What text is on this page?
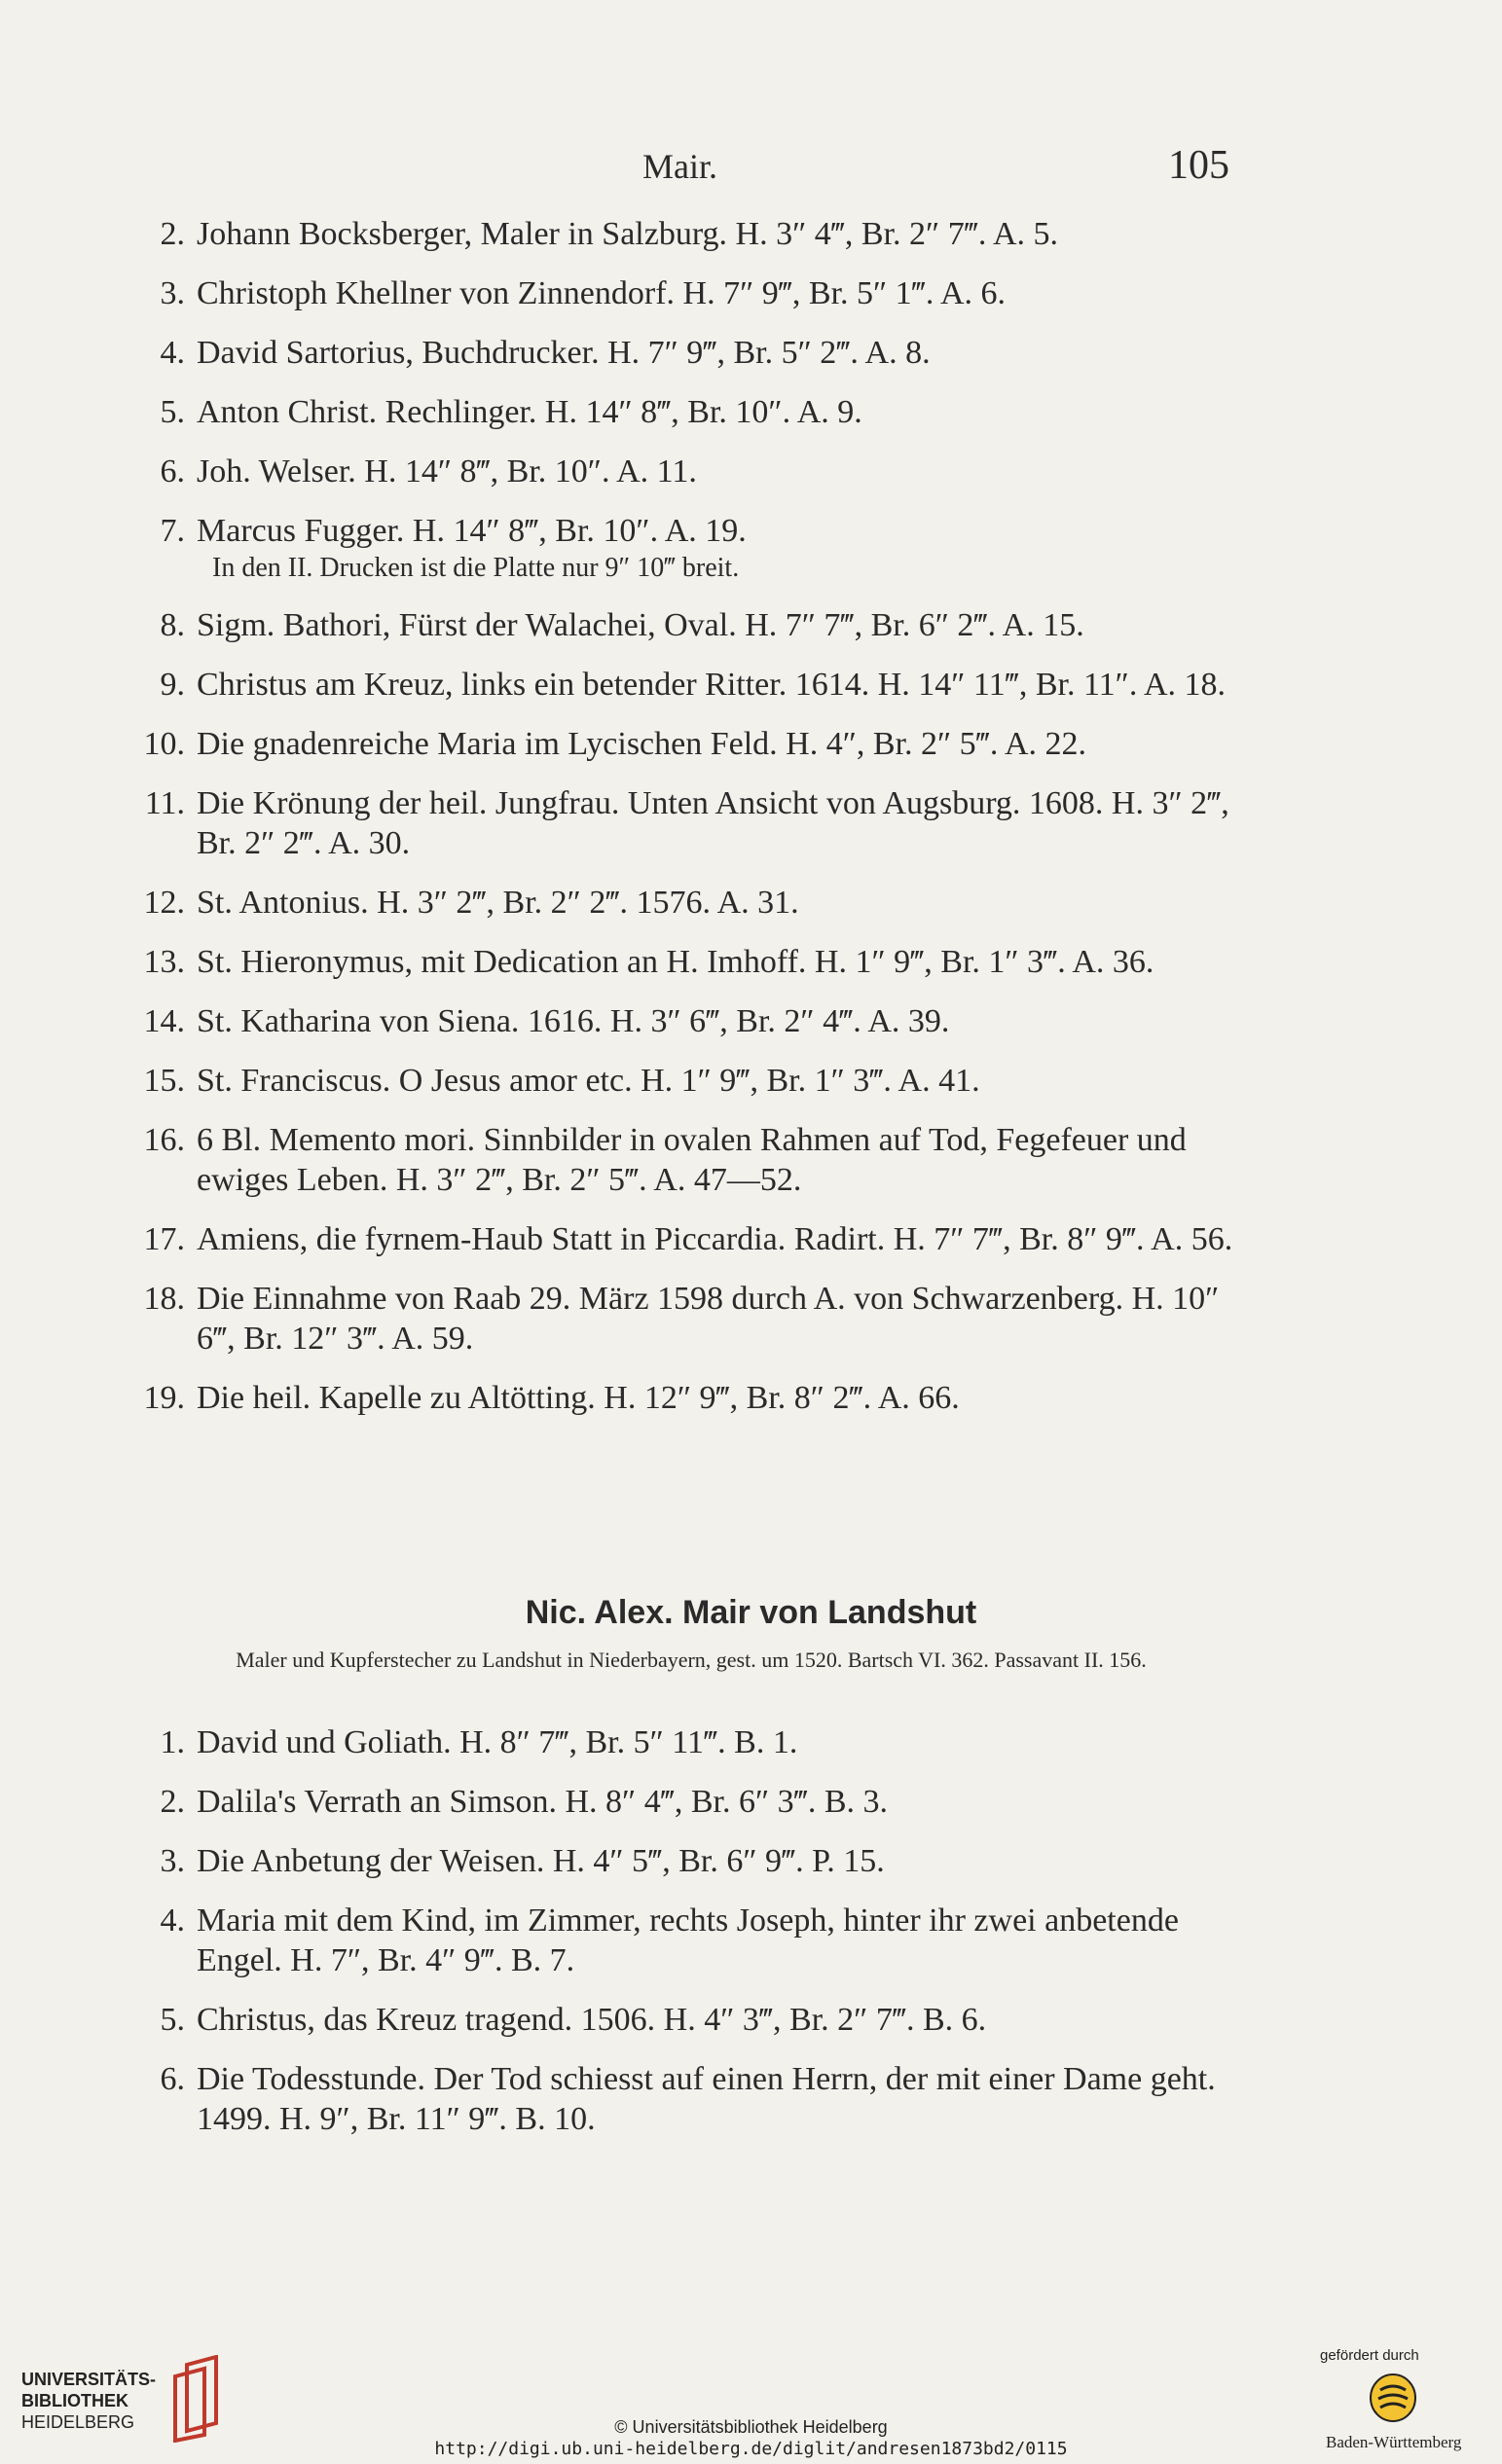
Mair.	105
2. Johann Bocksberger, Maler in Salzburg. H. 3″ 4‴, Br. 2″ 7‴. A. 5.
3. Christoph Khellner von Zinnendorf. H. 7″ 9‴, Br. 5″ 1‴. A. 6.
4. David Sartorius, Buchdrucker. H. 7″ 9‴, Br. 5″ 2‴. A. 8.
5. Anton Christ. Rechlinger. H. 14″ 8‴, Br. 10″. A. 9.
6. Joh. Welser. H. 14″ 8‴, Br. 10″. A. 11.
7. Marcus Fugger. H. 14″ 8‴, Br. 10″. A. 19.
In den II. Drucken ist die Platte nur 9″ 10‴ breit.
8. Sigm. Bathori, Fürst der Walachei, Oval. H. 7″ 7‴, Br. 6″ 2‴. A. 15.
9. Christus am Kreuz, links ein betender Ritter. 1614. H. 14″ 11‴, Br. 11″. A. 18.
10. Die gnadenreiche Maria im Lycischen Feld. H. 4″, Br. 2″ 5‴. A. 22.
11. Die Krönung der heil. Jungfrau. Unten Ansicht von Augsburg. 1608. H. 3″ 2‴, Br. 2″ 2‴. A. 30.
12. St. Antonius. H. 3″ 2‴, Br. 2″ 2‴. 1576. A. 31.
13. St. Hieronymus, mit Dedication an H. Imhoff. H. 1″ 9‴, Br. 1″ 3‴. A. 36.
14. St. Katharina von Siena. 1616. H. 3″ 6‴, Br. 2″ 4‴. A. 39.
15. St. Franciscus. O Jesus amor etc. H. 1″ 9‴, Br. 1″ 3‴. A. 41.
16. 6 Bl. Memento mori. Sinnbilder in ovalen Rahmen auf Tod, Fegefeuer und ewiges Leben. H. 3″ 2‴, Br. 2″ 5‴. A. 47—52.
17. Amiens, die fyrnem-Haub Statt in Piccardia. Radirt. H. 7″ 7‴, Br. 8″ 9‴. A. 56.
18. Die Einnahme von Raab 29. März 1598 durch A. von Schwarzenberg. H. 10″ 6‴, Br. 12″ 3‴. A. 59.
19. Die heil. Kapelle zu Altötting. H. 12″ 9‴, Br. 8″ 2‴. A. 66.
Nic. Alex. Mair von Landshut
Maler und Kupferstecher zu Landshut in Niederbayern, gest. um 1520. Bartsch VI. 362. Passavant II. 156.
1. David und Goliath. H. 8″ 7‴, Br. 5″ 11‴. B. 1.
2. Dalila's Verrath an Simson. H. 8″ 4‴, Br. 6″ 3‴. B. 3.
3. Die Anbetung der Weisen. H. 4″ 5‴, Br. 6″ 9‴. P. 15.
4. Maria mit dem Kind, im Zimmer, rechts Joseph, hinter ihr zwei anbetende Engel. H. 7″, Br. 4″ 9‴. B. 7.
5. Christus, das Kreuz tragend. 1506. H. 4″ 3‴, Br. 2″ 7‴. B. 6.
6. Die Todesstunde. Der Tod schiesst auf einen Herrn, der mit einer Dame geht. 1499. H. 9″, Br. 11″ 9‴. B. 10.
UNIVERSITÄTS-
BIBLIOTHEK
HEIDELBERG	© Universitätsbibliothek Heidelberg
http://digi.ub.uni-heidelberg.de/diglit/andresen1873bd2/0115
gefördert durch
Baden-Württemberg
